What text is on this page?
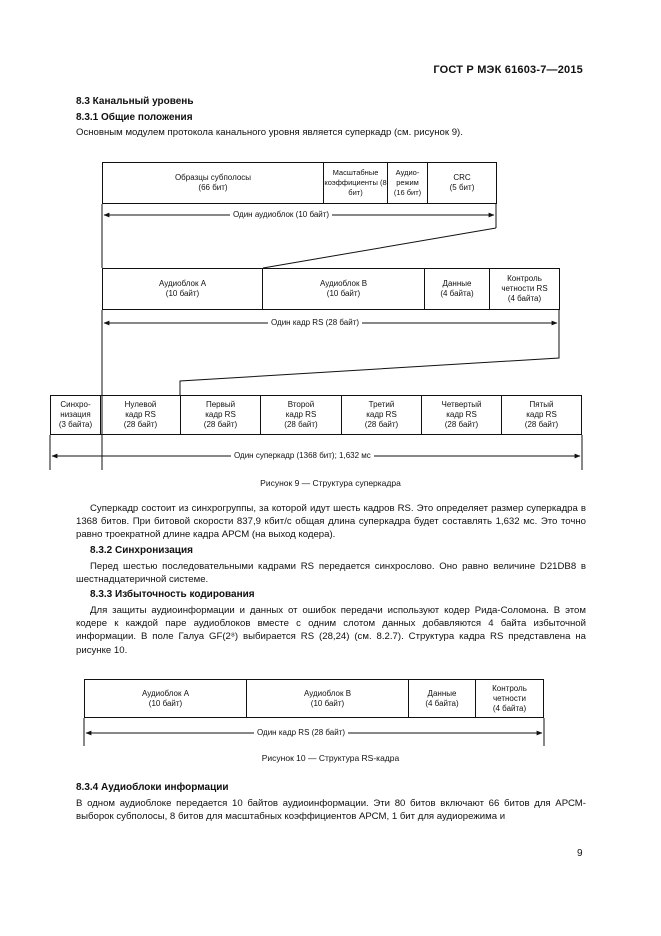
ГОСТ Р МЭК 61603-7—2015
8.3 Канальный уровень
8.3.1 Общие положения
Основным модулем протокола канального уровня является суперкадр (см. рисунок 9).
Образцы субполосы
(66 бит)
Масштабные
коэффициенты (8 бит)
Аудио-
режим
(16 бит)
CRC
(5 бит)
Один аудиоблок (10 байт)
Аудиоблок A
(10 байт)
Аудиоблок B
(10 байт)
Данные
(4 байта)
Контроль
четности RS
(4 байта)
Один кадр RS (28 байт)
Синхро-
низация
(3 байта)
Нулевой
кадр RS
(28 байт)
Первый
кадр RS
(28 байт)
Второй
кадр RS
(28 байт)
Третий
кадр RS
(28 байт)
Четвертый
кадр RS
(28 байт)
Пятый
кадр RS
(28 байт)
Один суперкадр (1368 бит); 1,632 мс
Рисунок 9 — Структура суперкадра
Суперкадр состоит из синхрогруппы, за которой идут шесть кадров RS. Это определяет размер суперкадра в 1368 битов. При битовой скорости 837,9 кбит/с общая длина суперкадра будет составлять 1,632 мс. Это точно равно троекратной длине кадра АРСМ (на выход кодера).
8.3.2 Синхронизация
Перед шестью последовательными кадрами RS передается синхрослово. Оно равно величине D21DB8 в шестнадцатеричной системе.
8.3.3 Избыточность кодирования
Для защиты аудиоинформации и данных от ошибок передачи используют кодер Рида-Соломона. В этом кодере к каждой паре аудиоблоков вместе с одним слотом данных добавляются 4 байта избыточной информации. В поле Галуа GF(2⁸) выбирается RS (28,24) (см. 8.2.7). Структура кадра RS представлена на рисунке 10.
Аудиоблок A
(10 байт)
Аудиоблок B
(10 байт)
Данные
(4 байта)
Контроль
четности
(4 байта)
Один кадр RS (28 байт)
Рисунок 10 — Структура RS-кадра
8.3.4 Аудиоблоки информации
В одном аудиоблоке передается 10 байтов аудиоинформации. Эти 80 битов включают 66 битов для АРСМ-выборок субполосы, 8 битов для масштабных коэффициентов АРСМ, 1 бит для аудиорежима и
9
